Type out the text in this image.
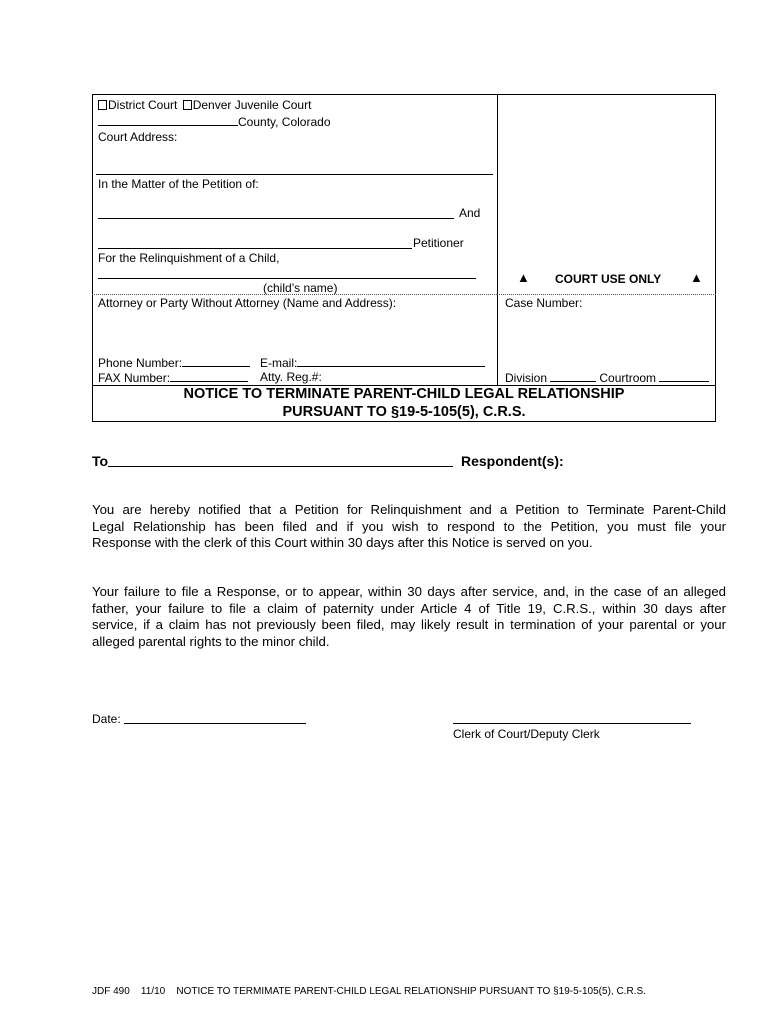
District Court Denver Juvenile Court
County, Colorado
Court Address:
In the Matter of the Petition of:
And
Petitioner
For the Relinquishment of a Child,
(child’s name)
Attorney or Party Without Attorney (Name and Address):
Phone Number:	E-mail:
FAX Number:	Atty. Reg.#:
▲ COURT USE ONLY ▲
Case Number:
Division	Courtroom
NOTICE TO TERMINATE PARENT-CHILD LEGAL RELATIONSHIP
PURSUANT TO §19-5-105(5), C.R.S.
To	Respondent(s):
You are hereby notified that a Petition for Relinquishment and a Petition to Terminate Parent-Child
Legal Relationship has been filed and if you wish to respond to the Petition, you must file your
Response with the clerk of this Court within 30 days after this Notice is served on you.
Your failure to file a Response, or to appear, within 30 days after service, and, in the case of an alleged
father, your failure to file a claim of paternity under Article 4 of Title 19, C.R.S., within 30 days after
service, if a claim has not previously been filed, may likely result in termination of your parental or your
alleged parental rights to the minor child.
Date:
Clerk of Court/Deputy Clerk
JDF 490 11/10 NOTICE TO TERMIMATE PARENT-CHILD LEGAL RELATIONSHIP PURSUANT TO §19-5-105(5), C.R.S.
